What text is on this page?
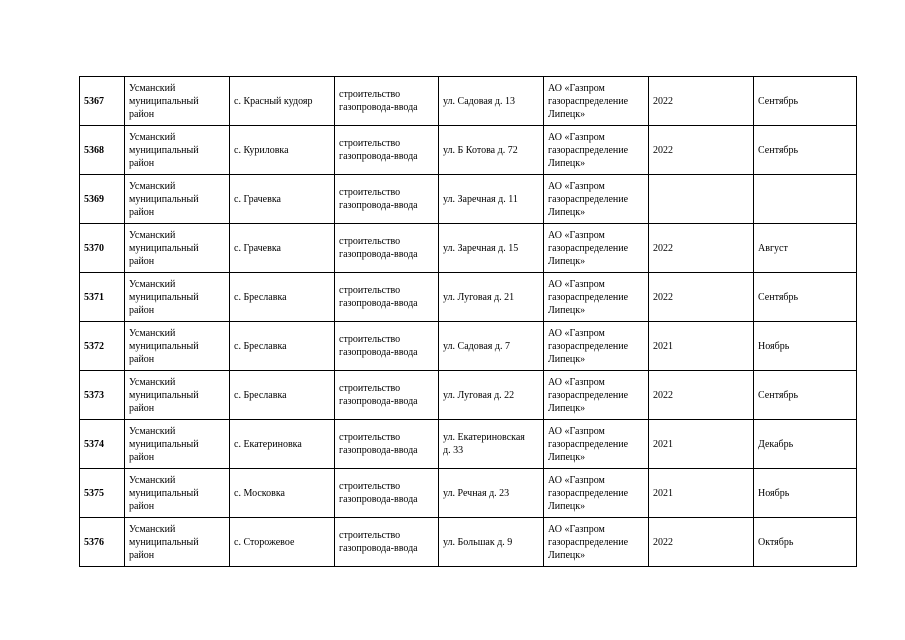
5367	Усманский
муниципальный
район	с. Красный кудояр	строительство
газопровода-ввода	ул. Садовая д. 13	АО «Газпром
газораспределение
Липецк»	2022	Сентябрь
5368	Усманский
муниципальный
район	с. Куриловка	строительство
газопровода-ввода	ул. Б Котова д. 72	АО «Газпром
газораспределение
Липецк»	2022	Сентябрь
5369	Усманский
муниципальный
район	с. Грачевка	строительство
газопровода-ввода	ул. Заречная д. 11	АО «Газпром
газораспределение
Липецк»		
5370	Усманский
муниципальный
район	с. Грачевка	строительство
газопровода-ввода	ул. Заречная д. 15	АО «Газпром
газораспределение
Липецк»	2022	Август
5371	Усманский
муниципальный
район	с. Бреславка	строительство
газопровода-ввода	ул. Луговая д. 21	АО «Газпром
газораспределение
Липецк»	2022	Сентябрь
5372	Усманский
муниципальный
район	с. Бреславка	строительство
газопровода-ввода	ул. Садовая д. 7	АО «Газпром
газораспределение
Липецк»	2021	Ноябрь
5373	Усманский
муниципальный
район	с. Бреславка	строительство
газопровода-ввода	ул. Луговая д. 22	АО «Газпром
газораспределение
Липецк»	2022	Сентябрь
5374	Усманский
муниципальный
район	с. Екатериновка	строительство
газопровода-ввода	ул. Екатериновская
д. 33	АО «Газпром
газораспределение
Липецк»	2021	Декабрь
5375	Усманский
муниципальный
район	с. Московка	строительство
газопровода-ввода	ул. Речная д. 23	АО «Газпром
газораспределение
Липецк»	2021	Ноябрь
5376	Усманский
муниципальный
район	с. Сторожевое	строительство
газопровода-ввода	ул. Большак д. 9	АО «Газпром
газораспределение
Липецк»	2022	Октябрь
